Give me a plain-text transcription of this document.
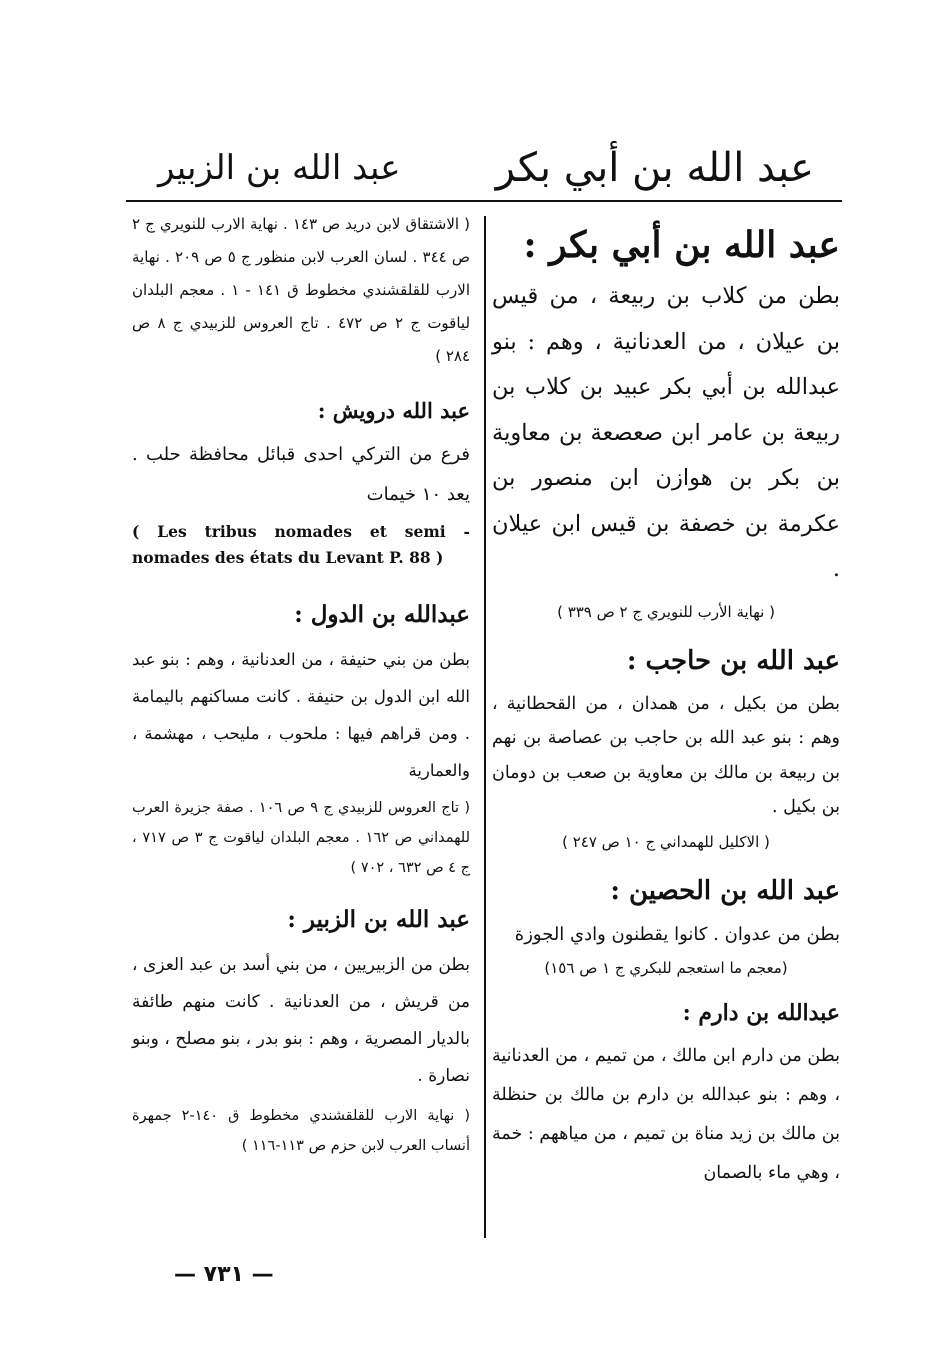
عبد الله بن أبي بكر
عبد الله بن الزبير
عبد الله بن أبي بكر :
بطن من كلاب بن ربيعة ، من قيس بن عيلان ، من العدنانية ، وهم : بنو عبدالله بن أبي بكر عبيد بن كلاب بن ربيعة بن عامر ابن صعصعة بن معاوية بن بكر بن هوازن ابن منصور بن عكرمة بن خصفة بن قيس ابن عيلان .
( نهاية الأرب للنويري ج ٢ ص ٣٣٩ )
عبد الله بن حاجب :
بطن من بكيل ، من همدان ، من القحطانية ، وهم : بنو عبد الله بن حاجب بن عصاصة بن نهم بن ربيعة بن مالك بن معاوية بن صعب بن دومان بن بكيل .
( الاكليل للهمداني ج ١٠ ص ٢٤٧ )
عبد الله بن الحصين :
بطن من عدوان . كانوا يقطنون وادي الجوزة
(معجم ما استعجم للبكري ج ١ ص ١٥٦)
عبدالله بن دارم :
بطن من دارم ابن مالك ، من تميم ، من العدنانية ، وهم : بنو عبدالله بن دارم بن مالك بن حنظلة بن مالك بن زيد مناة بن تميم ، من مياههم : خمة ، وهي ماء بالصمان
( الاشتقاق لابن دريد ص ١٤٣ . نهاية الارب للنويري ج ٢ ص ٣٤٤ . لسان العرب لابن منظور ج ٥ ص ٢٠٩ . نهاية الارب للقلقشندي مخطوط ق ١٤١ - ١ . معجم البلدان لياقوت ج ٢ ص ٤٧٢ . تاج العروس للزبيدي ج ٨ ص ٢٨٤ )
عبد الله درويش :
فرع من التركي احدى قبائل محافظة حلب . يعد ١٠ خيمات
( Les tribus nomades et semi - nomades des états du Levant P. 88 )
عبدالله بن الدول :
بطن من بني حنيفة ، من العدنانية ، وهم : بنو عبد الله ابن الدول بن حنيفة . كانت مساكنهم باليمامة . ومن قراهم فيها : ملحوب ، مليحب ، مهشمة ، والعمارية
( تاج العروس للزبيدي ج ٩ ص ١٠٦ . صفة جزيرة العرب للهمداني ص ١٦٢ . معجم البلدان لياقوت ج ٣ ص ٧١٧ ، ج ٤ ص ٦٣٢ ، ٧٠٢ )
عبد الله بن الزبير :
بطن من الزبيريين ، من بني أسد بن عبد العزى ، من قريش ، من العدنانية . كانت منهم طائفة بالديار المصرية ، وهم : بنو بدر ، بنو مصلح ، وبنو نصارة .
( نهاية الارب للقلقشندي مخطوط ق ١٤٠-٢ جمهرة أنساب العرب لابن حزم ص ١١٣-١١٦ )
— ٧٣١ —
